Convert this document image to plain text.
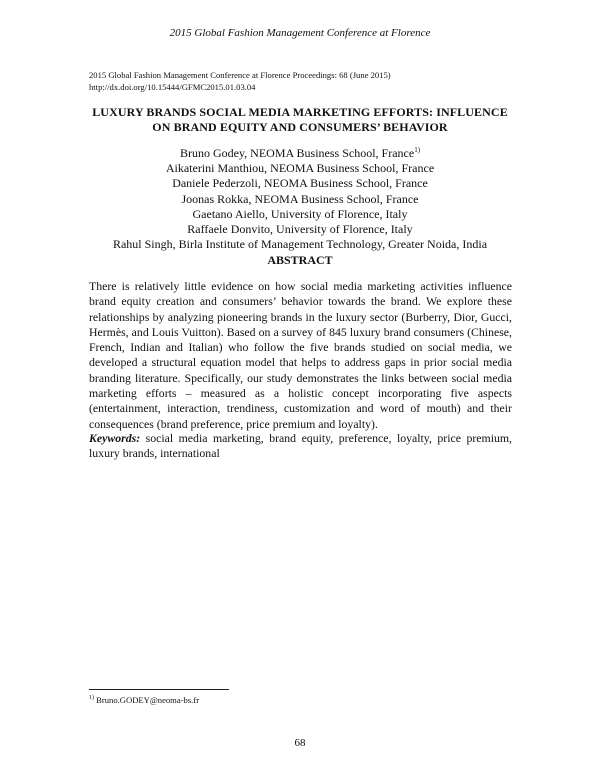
2015 Global Fashion Management Conference at Florence
2015 Global Fashion Management Conference at Florence Proceedings: 68 (June 2015)
http://dx.doi.org/10.15444/GFMC2015.01.03.04
LUXURY BRANDS SOCIAL MEDIA MARKETING EFFORTS: INFLUENCE
ON BRAND EQUITY AND CONSUMERS’ BEHAVIOR
Bruno Godey, NEOMA Business School, France$^{1)}$
Aikaterini Manthiou, NEOMA Business School, France
Daniele Pederzoli, NEOMA Business School, France
Joonas Rokka, NEOMA Business School, France
Gaetano Aiello, University of Florence, Italy
Raffaele Donvito, University of Florence, Italy
Rahul Singh, Birla Institute of Management Technology, Greater Noida, India
ABSTRACT
There is relatively little evidence on how social media marketing activities influence
brand equity creation and consumers’ behavior towards the brand. We explore these
relationships by analyzing pioneering brands in the luxury sector (Burberry, Dior, Gucci,
Hermès, and Louis Vuitton). Based on a survey of 845 luxury brand consumers (Chinese,
French, Indian and Italian) who follow the five brands studied on social media, we
developed a structural equation model that helps to address gaps in prior social media
branding literature. Specifically, our study demonstrates the links between social media
marketing efforts – measured as a holistic concept incorporating five aspects
(entertainment, interaction, trendiness, customization and word of mouth) and their
consequences (brand preference, price premium and loyalty).
Keywords: social media marketing, brand equity, preference, loyalty, price premium,
luxury brands, international
$^{1)}$ Bruno.GODEY@neoma-bs.fr
68
